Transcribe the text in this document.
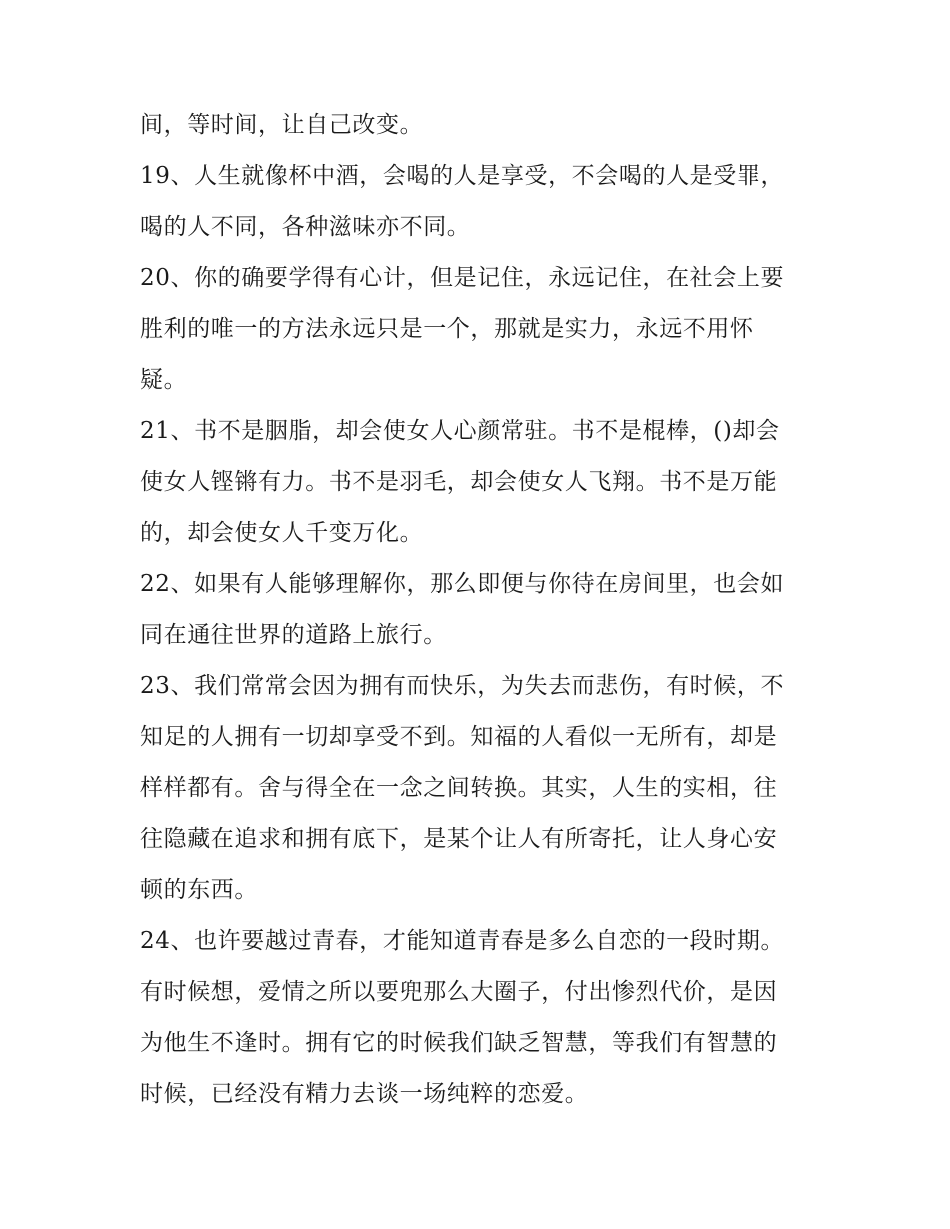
间，等时间，让自己改变。
19、人生就像杯中酒，会喝的人是享受，不会喝的人是受罪，
喝的人不同，各种滋味亦不同。
20、你的确要学得有心计，但是记住，永远记住，在社会上要
胜利的唯一的方法永远只是一个，那就是实力，永远不用怀
疑。
21、书不是胭脂，却会使女人心颜常驻。书不是棍棒，()却会
使女人铿锵有力。书不是羽毛，却会使女人飞翔。书不是万能
的，却会使女人千变万化。
22、如果有人能够理解你，那么即便与你待在房间里，也会如
同在通往世界的道路上旅行。
23、我们常常会因为拥有而快乐，为失去而悲伤，有时候，不
知足的人拥有一切却享受不到。知福的人看似一无所有，却是
样样都有。舍与得全在一念之间转换。其实，人生的实相，往
往隐藏在追求和拥有底下，是某个让人有所寄托，让人身心安
顿的东西。
24、也许要越过青春，才能知道青春是多么自恋的一段时期。
有时候想，爱情之所以要兜那么大圈子，付出惨烈代价，是因
为他生不逢时。拥有它的时候我们缺乏智慧，等我们有智慧的
时候，已经没有精力去谈一场纯粹的恋爱。
